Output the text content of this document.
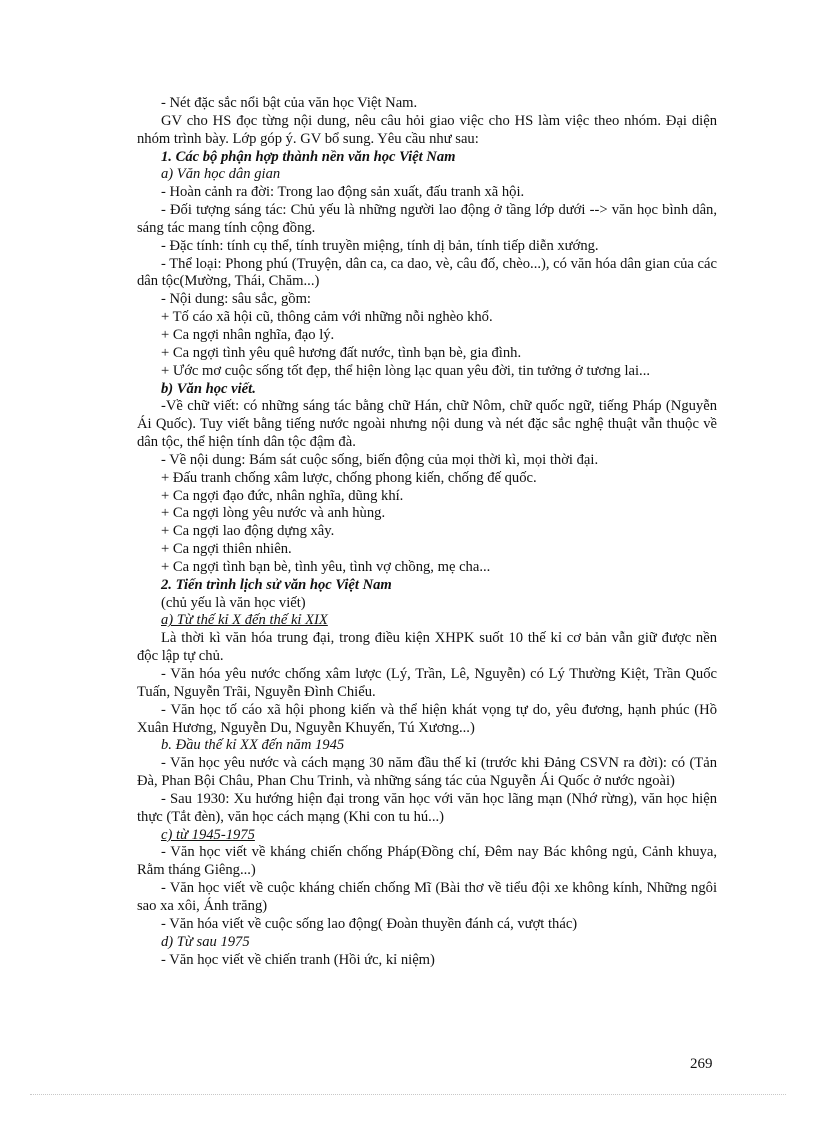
- Nét đặc sắc nổi bật của văn học Việt Nam.

GV cho HS đọc từng nội dung, nêu câu hỏi giao việc cho HS làm việc theo nhóm. Đại diện nhóm trình bày. Lớp góp ý. GV bổ sung. Yêu cầu như sau:

1. Các bộ phận hợp thành nền văn học Việt Nam

a) Văn học dân gian

- Hoàn cảnh ra đời: Trong lao động sản xuất, đấu tranh xã hội.

- Đối tượng sáng tác: Chủ yếu là những người lao động ở tầng lớp dưới --> văn học bình dân, sáng tác mang tính cộng đồng.

- Đặc tính: tính cụ thể, tính truyền miệng, tính dị bản, tính tiếp diễn xướng.

- Thể loại: Phong phú (Truyện, dân ca, ca dao, vè, câu đố, chèo...), có văn hóa dân gian của các dân tộc(Mường, Thái, Chăm...)

- Nội dung: sâu sắc, gồm:

+ Tố cáo xã hội cũ, thông cảm với những nỗi nghèo khổ.

+ Ca ngợi nhân nghĩa, đạo lý.

+ Ca ngợi tình yêu quê hương đất nước, tình bạn bè, gia đình.

+ Ước mơ cuộc sống tốt đẹp, thể hiện lòng lạc quan yêu đời, tin tưởng ở tương lai...

b) Văn học viết.

-Về chữ viết: có những sáng tác bằng chữ Hán, chữ Nôm, chữ quốc ngữ, tiếng Pháp (Nguyễn Ái Quốc). Tuy viết bằng tiếng nước ngoài nhưng nội dung và nét đặc sắc nghệ thuật vẫn thuộc về dân tộc, thể hiện tính dân tộc đậm đà.

- Về nội dung: Bám sát cuộc sống, biến động của mọi thời kì, mọi thời đại.

+ Đấu tranh chống xâm lược, chống phong kiến, chống đế quốc.

+ Ca ngợi đạo đức, nhân nghĩa, dũng khí.

+ Ca ngợi lòng yêu nước và anh hùng.

+ Ca ngợi lao động dựng xây.

+ Ca ngợi thiên nhiên.

+ Ca ngợi tình bạn bè, tình yêu, tình vợ chồng, mẹ cha...

2. Tiến trình lịch sử văn học Việt Nam

(chủ yếu là văn học viết)

a) Từ thế kỉ X đến thế kỉ XIX

Là thời kì văn hóa trung đại, trong điều kiện XHPK suốt 10 thế kỉ cơ bản vẫn giữ được nền độc lập tự chủ.

- Văn hóa yêu nước chống xâm lược (Lý, Trần, Lê, Nguyễn) có Lý Thường Kiệt, Trần Quốc Tuấn, Nguyễn Trãi, Nguyễn Đình Chiểu.

- Văn học tố cáo xã hội phong kiến và thể hiện khát vọng tự do, yêu đương, hạnh phúc (Hồ Xuân Hương, Nguyễn Du, Nguyễn Khuyến, Tú Xương...)

b. Đầu thế kỉ XX đến năm 1945

- Văn học yêu nước và cách mạng 30 năm đầu thế kỉ (trước khi Đảng CSVN ra đời): có (Tản Đà, Phan Bội Châu, Phan Chu Trinh, và những sáng tác của Nguyễn Ái Quốc ở nước ngoài)

- Sau 1930: Xu hướng hiện đại trong văn học với văn học lãng mạn (Nhớ rừng), văn học hiện thực (Tắt đèn), văn học cách mạng (Khi con tu hú...)

c) từ 1945-1975

- Văn học viết về kháng chiến chống Pháp(Đồng chí, Đêm nay Bác không ngủ, Cảnh khuya, Rằm tháng Giêng...)

- Văn học viết về cuộc kháng chiến chống Mĩ (Bài thơ về tiểu đội xe không kính, Những ngôi sao xa xôi, Ánh trăng)

- Văn hóa viết về cuộc sống lao động( Đoàn thuyền đánh cá, vượt thác)

d) Từ sau 1975

- Văn học viết về chiến tranh (Hồi ức, kỉ niệm)

269
